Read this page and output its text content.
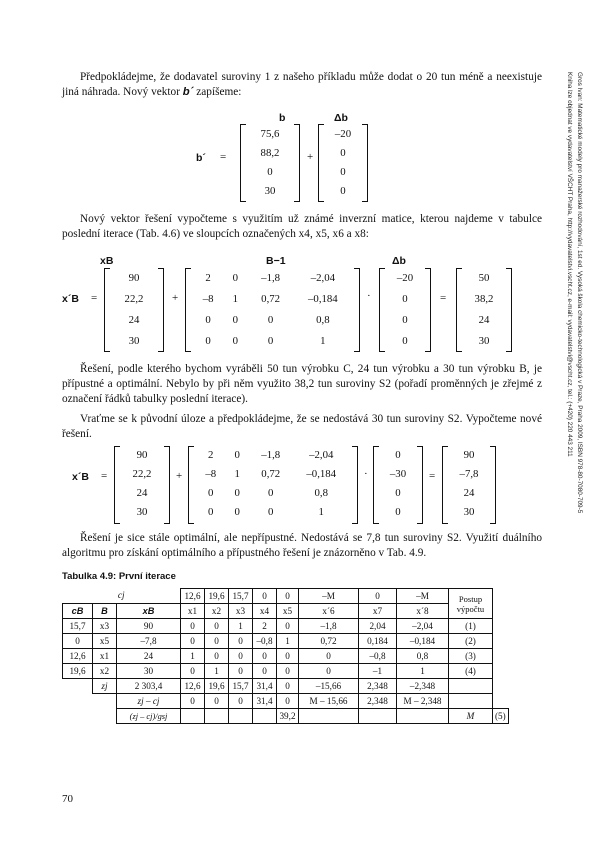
Gros Ivan: Matematické modely pro manažerské rozhodování, 1st ed. Vysoká škola chemicko-technologická v Praze, Praha 2009, ISBN 978-80-7080-709-5
Kniha lze objednat ve vydavatelství VŠCHT Praha, http://vydavatelstvi.vscht.cz, e-mail: vydavatelstvi@vscht.cz, tel.: (+420) 220 443 211
Předpokládejme, že dodavatel suroviny 1 z našeho příkladu může dodat o 20 tun méně a neexistuje jiná náhrada. Nový vektor b´ zapíšeme:
b	Δb
b´ =
75,6
88,2
0
30
+
–20
0
0
0
Nový vektor řešení vypočteme s využitím už známé inverzní matice, kterou najdeme v tabulce poslední iterace (Tab. 4.6) ve sloupcích označených x4, x5, x6 a x8:
xB	B−1	Δb
x´B =
90
22,2
24
30
+
2	0	–1,8	–2,04
–8	1	0,72	–0,184
0	0	0	0,8
0	0	0	1
·
–20
0
0
0
=
50
38,2
24
30
Řešení, podle kterého bychom vyráběli 50 tun výrobku C, 24 tun výrobku a 30 tun výrobku B, je přípustné a optimální. Nebylo by při něm využito 38,2 tun suroviny S2 (pořadí proměnných je zřejmé z označení řádků tabulky poslední iterace).
Vraťme se k původní úloze a předpokládejme, že se nedostává 30 tun suroviny S2. Vypočteme nové řešení.
x´B =
90
22,2
24
30
+
2	0	–1,8	–2,04
–8	1	0,72	–0,184
0	0	0	0,8
0	0	0	1
·
0
–30
0
0
=
90
–7,8
24
30
Řešení je sice stále optimální, ale nepřípustné. Nedostává se 7,8 tun suroviny S2. Využití duálního algoritmu pro získání optimálního a přípustného řešení je znázorněno v Tab. 4.9.
Tabulka 4.9: První iterace
cj			12,6	19,6	15,7	0	0	–M	0	–M	Postup výpočtu	
cB	B	xB	x1	x2	x3	x4	x5	x´6	x7	x´8		
15,7	x3	90	0	0	1	2	0	–1,8	2,04	–2,04	(1)	
0	x5	–7,8	0	0	0	–0,8	1	0,72	0,184	–0,184	(2)	
12,6	x1	24	1	0	0	0	0	0	–0,8	0,8	(3)	
19,6	x2	30	0	1	0	0	0	0	–1	1	(4)	
	zj	2 303,4	12,6	19,6	15,7	31,4	0	–15,66	2,348	–2,348		
		zj – cj	0	0	0	31,4	0	M – 15,66	2,348	M – 2,348		
		(zj – cj)/gsj					39,2				M	(5)
70
